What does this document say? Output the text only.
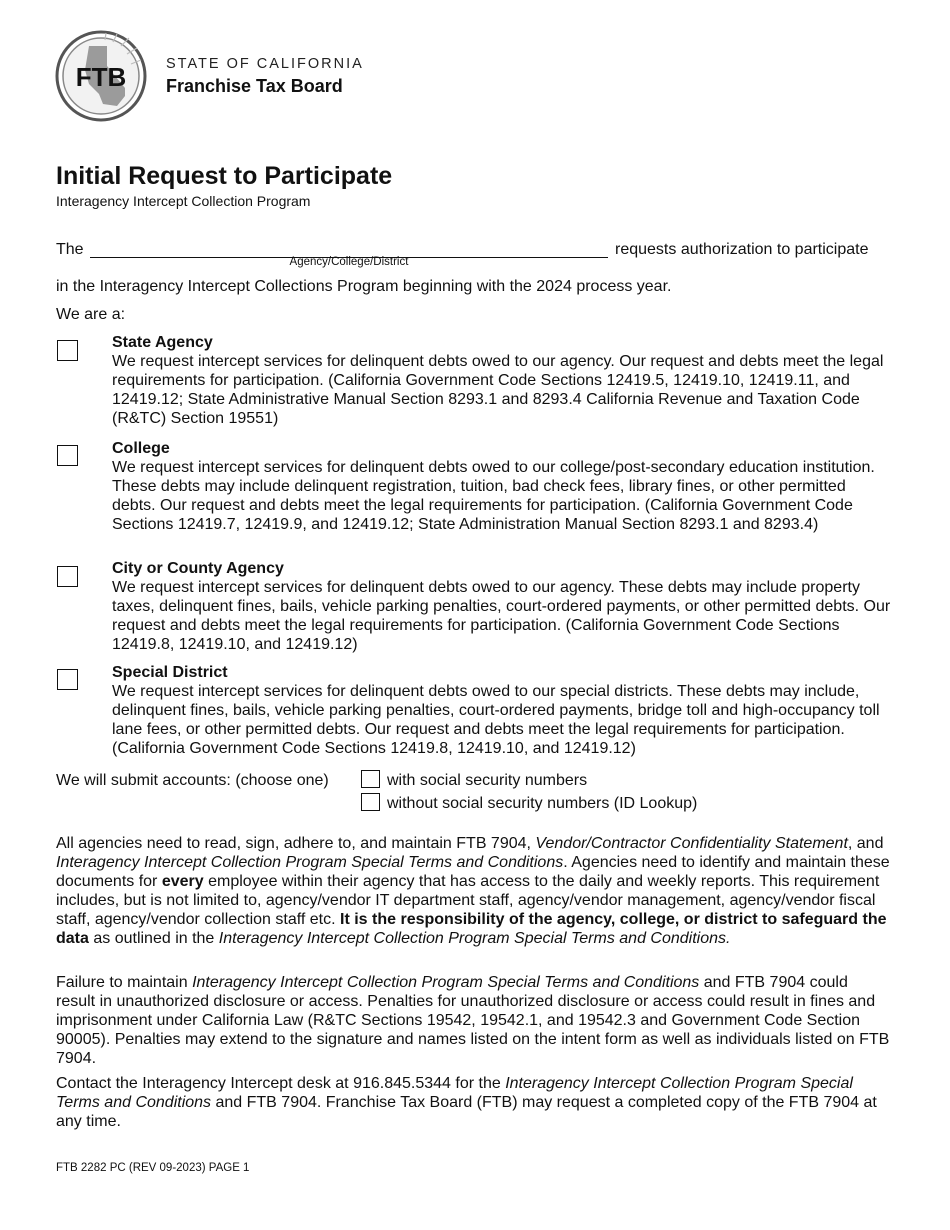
FTB	STATE OF CALIFORNIA
Franchise Tax Board
Initial Request to Participate
Interagency Intercept Collection Program
The
Agency/College/District
requests authorization to participate
in the Interagency Intercept Collections Program beginning with the 2024 process year.
We are a:
State Agency
We request intercept services for delinquent debts owed to our agency. Our request and debts meet the legal requirements for participation. (California Government Code Sections 12419.5, 12419.10, 12419.11, and 12419.12; State Administrative Manual Section 8293.1 and 8293.4 California Revenue and Taxation Code (R&TC) Section 19551)
College
We request intercept services for delinquent debts owed to our college/post-secondary education institution. These debts may include delinquent registration, tuition, bad check fees, library fines, or other permitted debts. Our request and debts meet the legal requirements for participation. (California Government Code Sections 12419.7, 12419.9, and 12419.12; State Administration Manual Section 8293.1 and 8293.4)
City or County Agency
We request intercept services for delinquent debts owed to our agency. These debts may include property taxes, delinquent fines, bails, vehicle parking penalties, court-ordered payments, or other permitted debts. Our request and debts meet the legal requirements for participation. (California Government Code Sections 12419.8, 12419.10, and 12419.12)
Special District
We request intercept services for delinquent debts owed to our special districts. These debts may include, delinquent fines, bails, vehicle parking penalties, court-ordered payments, bridge toll and high-occupancy toll lane fees, or other permitted debts. Our request and debts meet the legal requirements for participation. (California Government Code Sections 12419.8, 12419.10, and 12419.12)
We will submit accounts: (choose one)	with social security numbers
without social security numbers (ID Lookup)

All agencies need to read, sign, adhere to, and maintain FTB 7904, Vendor/Contractor Confidentiality Statement, and Interagency Intercept Collection Program Special Terms and Conditions. Agencies need to identify and maintain these documents for every employee within their agency that has access to the daily and weekly reports. This requirement includes, but is not limited to, agency/vendor IT department staff, agency/vendor management, agency/vendor fiscal staff, agency/vendor collection staff etc. It is the responsibility of the agency, college, or district to safeguard the data as outlined in the Interagency Intercept Collection Program Special Terms and Conditions.

Failure to maintain Interagency Intercept Collection Program Special Terms and Conditions and FTB 7904 could result in unauthorized disclosure or access. Penalties for unauthorized disclosure or access could result in fines and imprisonment under California Law (R&TC Sections 19542, 19542.1, and 19542.3 and Government Code Section 90005). Penalties may extend to the signature and names listed on the intent form as well as individuals listed on FTB 7904.

Contact the Interagency Intercept desk at 916.845.5344 for the Interagency Intercept Collection Program Special Terms and Conditions and FTB 7904. Franchise Tax Board (FTB) may request a completed copy of the FTB 7904 at any time.

FTB 2282 PC (REV 09-2023) PAGE 1
